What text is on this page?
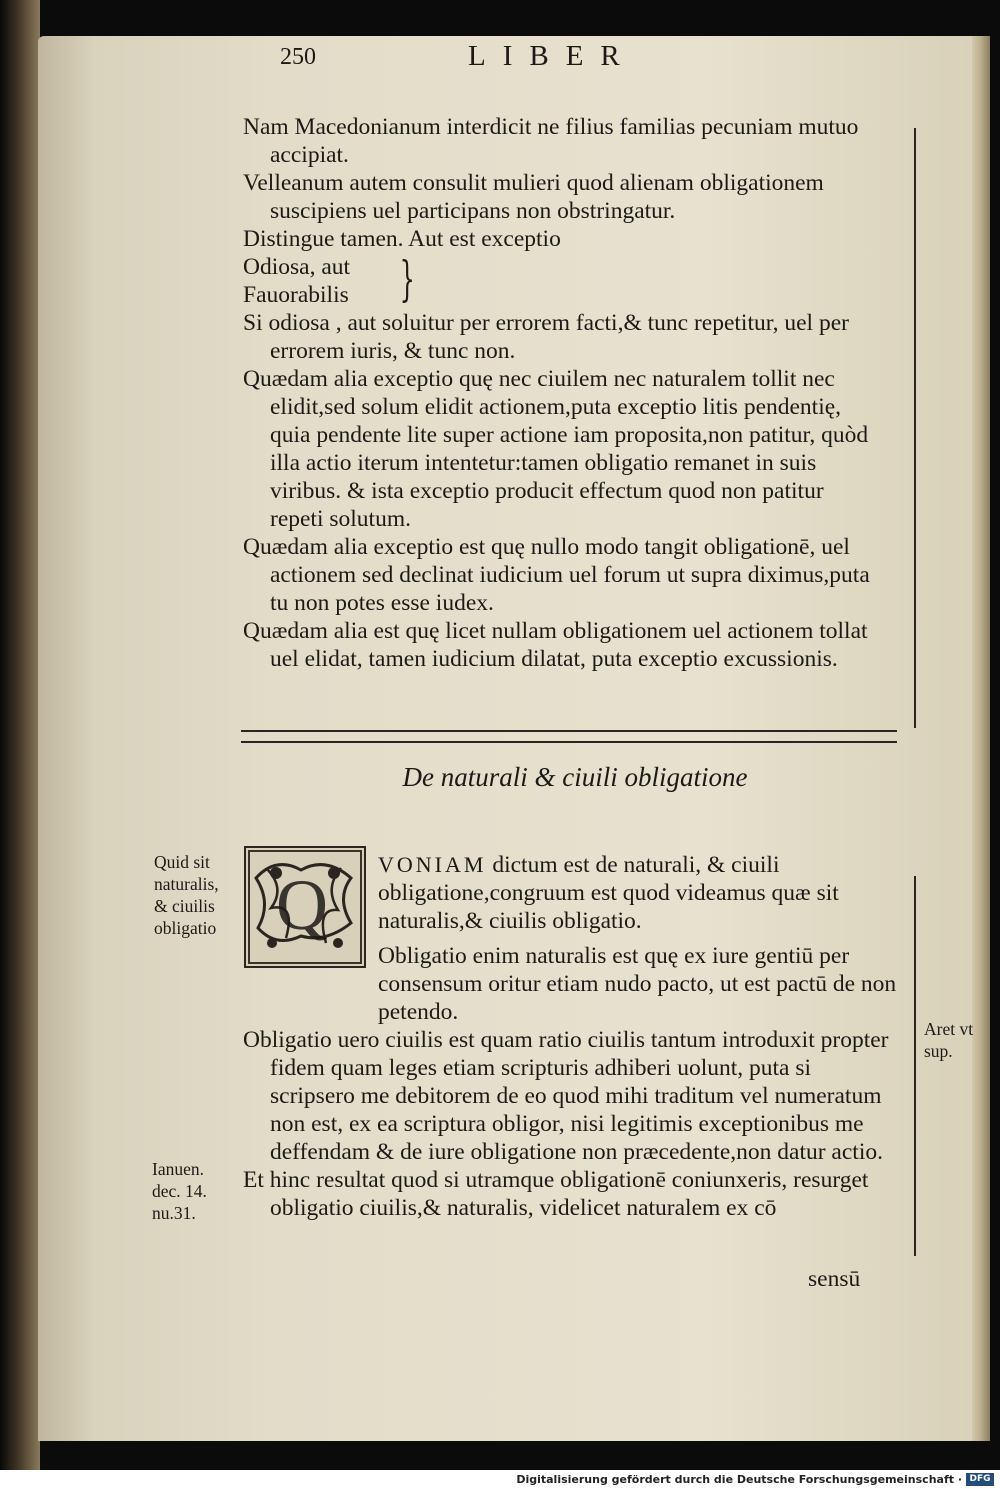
250	LIBER

Nam Macedonianum interdicit ne filius familias pecuniam mutuo accipiat.

Velleanum autem consulit mulieri quod alienam obligationem suscipiens uel participans non obstringatur.

Distingue tamen. Aut est exceptio

Odiosa, aut

Fauorabilis

Si odiosa , aut soluitur per errorem facti,& tunc repetitur, uel per errorem iuris, & tunc non.

Quædam alia exceptio quę nec ciuilem nec naturalem tollit nec elidit,sed solum elidit actionem,puta exceptio litis pendentię, quia pendente lite super actione iam proposita,non patitur, quòd illa actio iterum intentetur:tamen obligatio remanet in suis viribus. & ista exceptio producit effectum quod non patitur repeti solutum.

Quædam alia exceptio est quę nullo modo tangit obligationē, uel actionem sed declinat iudicium uel forum ut supra diximus,puta tu non potes esse iudex.

Quædam alia est quę licet nullam obligationem uel actionem tollat uel elidat, tamen iudicium dilatat, puta exceptio excussionis.

}
De naturali & ciuili obligatione
Quid sit naturalis, & ciuilis obligatio Q
VONIAM dictum est de naturali, & ciuili obligatione,congruum est quod videamus quæ sit naturalis,& ciuilis obligatio.

Obligatio enim naturalis est quę ex iure gentiū per consensum oritur etiam nudo pacto, ut est pactū de non petendo.

Obligatio uero ciuilis est quam ratio ciuilis tantum introduxit propter fidem quam leges etiam scripturis adhiberi uolunt, puta si scripsero me debitorem de eo quod mihi traditum vel numeratum non est, ex ea scriptura obligor, nisi legitimis exceptionibus me deffendam & de iure obligatione non præcedente,non datur actio.

Et hinc resultat quod si utramque obligationē coniunxeris, resurget obligatio ciuilis,& naturalis, videlicet naturalem ex cō

sensū
Aret vt sup.
Ianuen. dec. 14. nu.31.
Digitalisierung gefördert durch die Deutsche Forschungsgemeinschaft · DFG
